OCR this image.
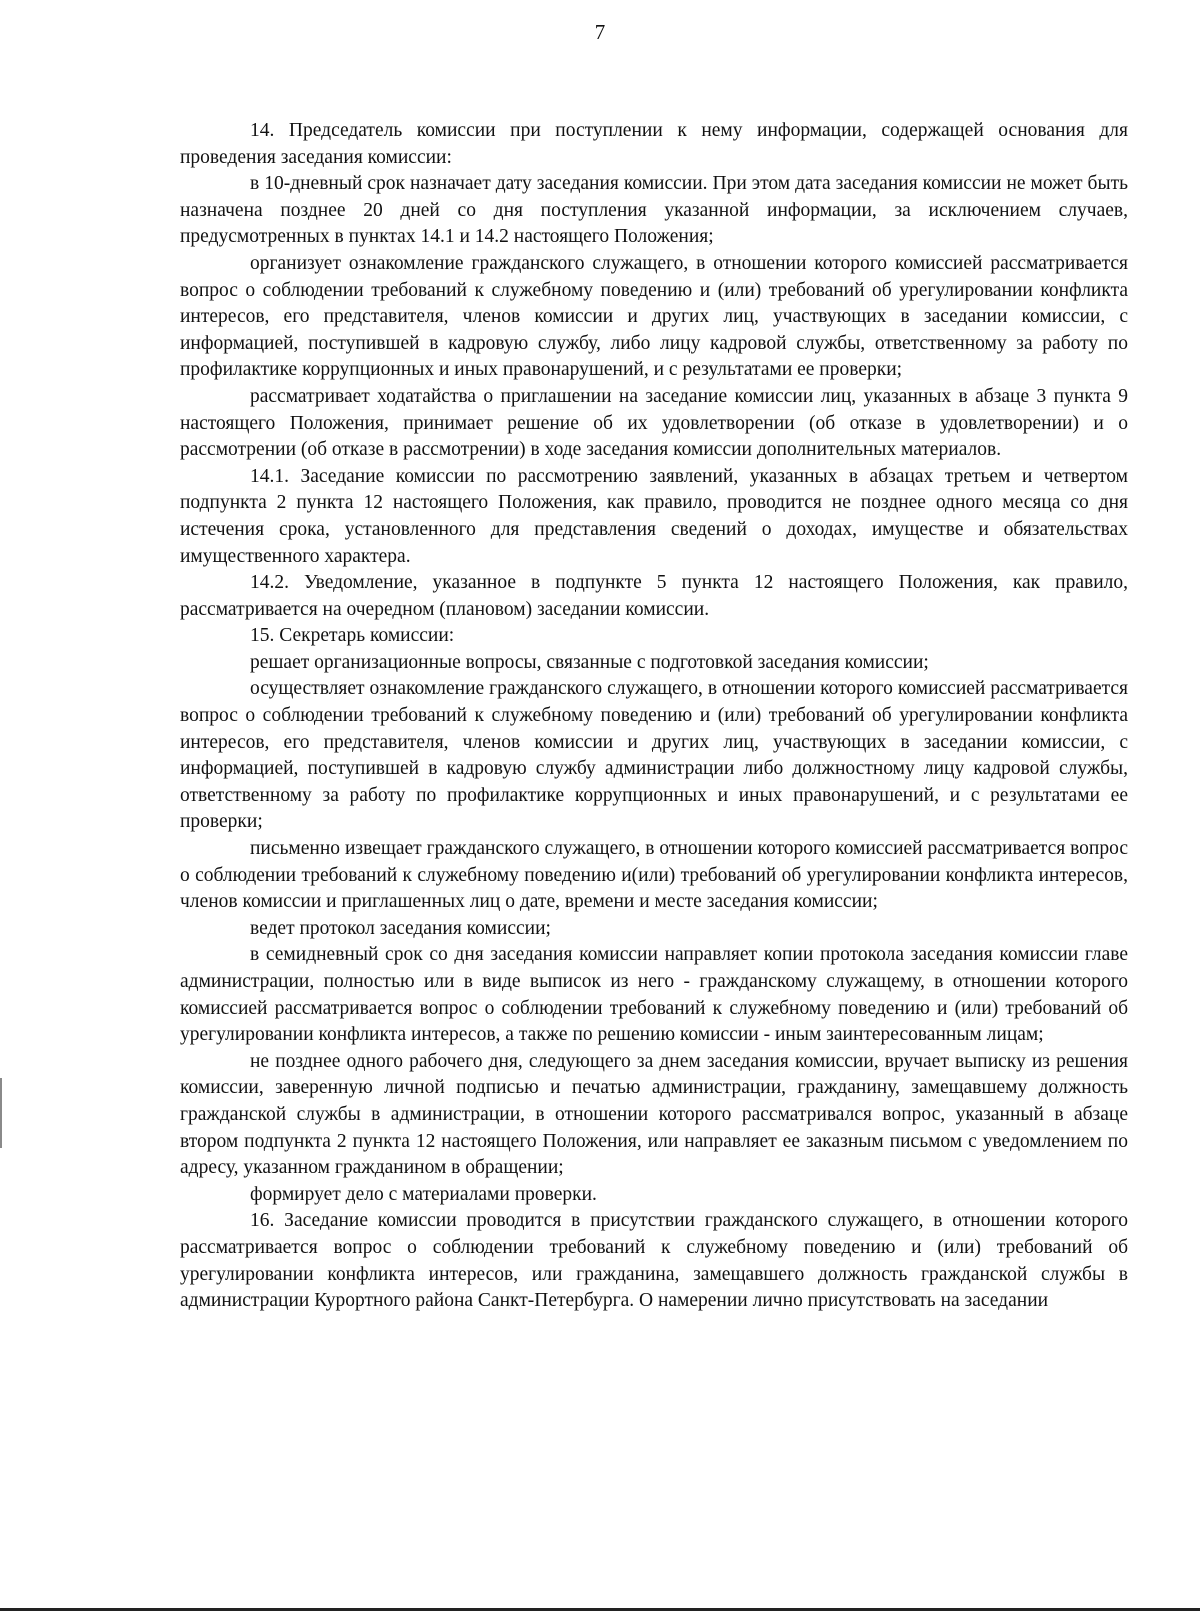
7

14. Председатель комиссии при поступлении к нему информации, содержащей основания для проведения заседания комиссии:

в 10-дневный срок назначает дату заседания комиссии. При этом дата заседания комиссии не может быть назначена позднее 20 дней со дня поступления указанной информации, за исключением случаев, предусмотренных в пунктах 14.1 и 14.2 настоящего Положения;

организует ознакомление гражданского служащего, в отношении которого комиссией рассматривается вопрос о соблюдении требований к служебному поведению и (или) требований об урегулировании конфликта интересов, его представителя, членов комиссии и других лиц, участвующих в заседании комиссии, с информацией, поступившей в кадровую службу, либо лицу кадровой службы, ответственному за работу по профилактике коррупционных и иных правонарушений, и с результатами ее проверки;

рассматривает ходатайства о приглашении на заседание комиссии лиц, указанных в абзаце 3 пункта 9 настоящего Положения, принимает решение об их удовлетворении (об отказе в удовлетворении) и о рассмотрении (об отказе в рассмотрении) в ходе заседания комиссии дополнительных материалов.

14.1. Заседание комиссии по рассмотрению заявлений, указанных в абзацах третьем и четвертом подпункта 2 пункта 12 настоящего Положения, как правило, проводится не позднее одного месяца со дня истечения срока, установленного для представления сведений о доходах, имуществе и обязательствах имущественного характера.

14.2. Уведомление, указанное в подпункте 5 пункта 12 настоящего Положения, как правило, рассматривается на очередном (плановом) заседании комиссии.

15. Секретарь комиссии:

решает организационные вопросы, связанные с подготовкой заседания комиссии;

осуществляет ознакомление гражданского служащего, в отношении которого комиссией рассматривается вопрос о соблюдении требований к служебному поведению и (или) требований об урегулировании конфликта интересов, его представителя, членов комиссии и других лиц, участвующих в заседании комиссии, с информацией, поступившей в кадровую службу администрации либо должностному лицу кадровой службы, ответственному за работу по профилактике коррупционных и иных правонарушений, и с результатами ее проверки;

письменно извещает гражданского служащего, в отношении которого комиссией рассматривается вопрос о соблюдении требований к служебному поведению и(или) требований об урегулировании конфликта интересов, членов комиссии и приглашенных лиц о дате, времени и месте заседания комиссии;

ведет протокол заседания комиссии;

в семидневный срок со дня заседания комиссии направляет копии протокола заседания комиссии главе администрации, полностью или в виде выписок из него - гражданскому служащему, в отношении которого комиссией рассматривается вопрос о соблюдении требований к служебному поведению и (или) требований об урегулировании конфликта интересов, а также по решению комиссии - иным заинтересованным лицам;

не позднее одного рабочего дня, следующего за днем заседания комиссии, вручает выписку из решения комиссии, заверенную личной подписью и печатью администрации, гражданину, замещавшему должность гражданской службы в администрации, в отношении которого рассматривался вопрос, указанный в абзаце втором подпункта 2 пункта 12 настоящего Положения, или направляет ее заказным письмом с уведомлением по адресу, указанном гражданином в обращении;

формирует дело с материалами проверки.

16. Заседание комиссии проводится в присутствии гражданского служащего, в отношении которого рассматривается вопрос о соблюдении требований к служебному поведению и (или) требований об урегулировании конфликта интересов, или гражданина, замещавшего должность гражданской службы в администрации Курортного района Санкт-Петербурга. О намерении лично присутствовать на заседании
